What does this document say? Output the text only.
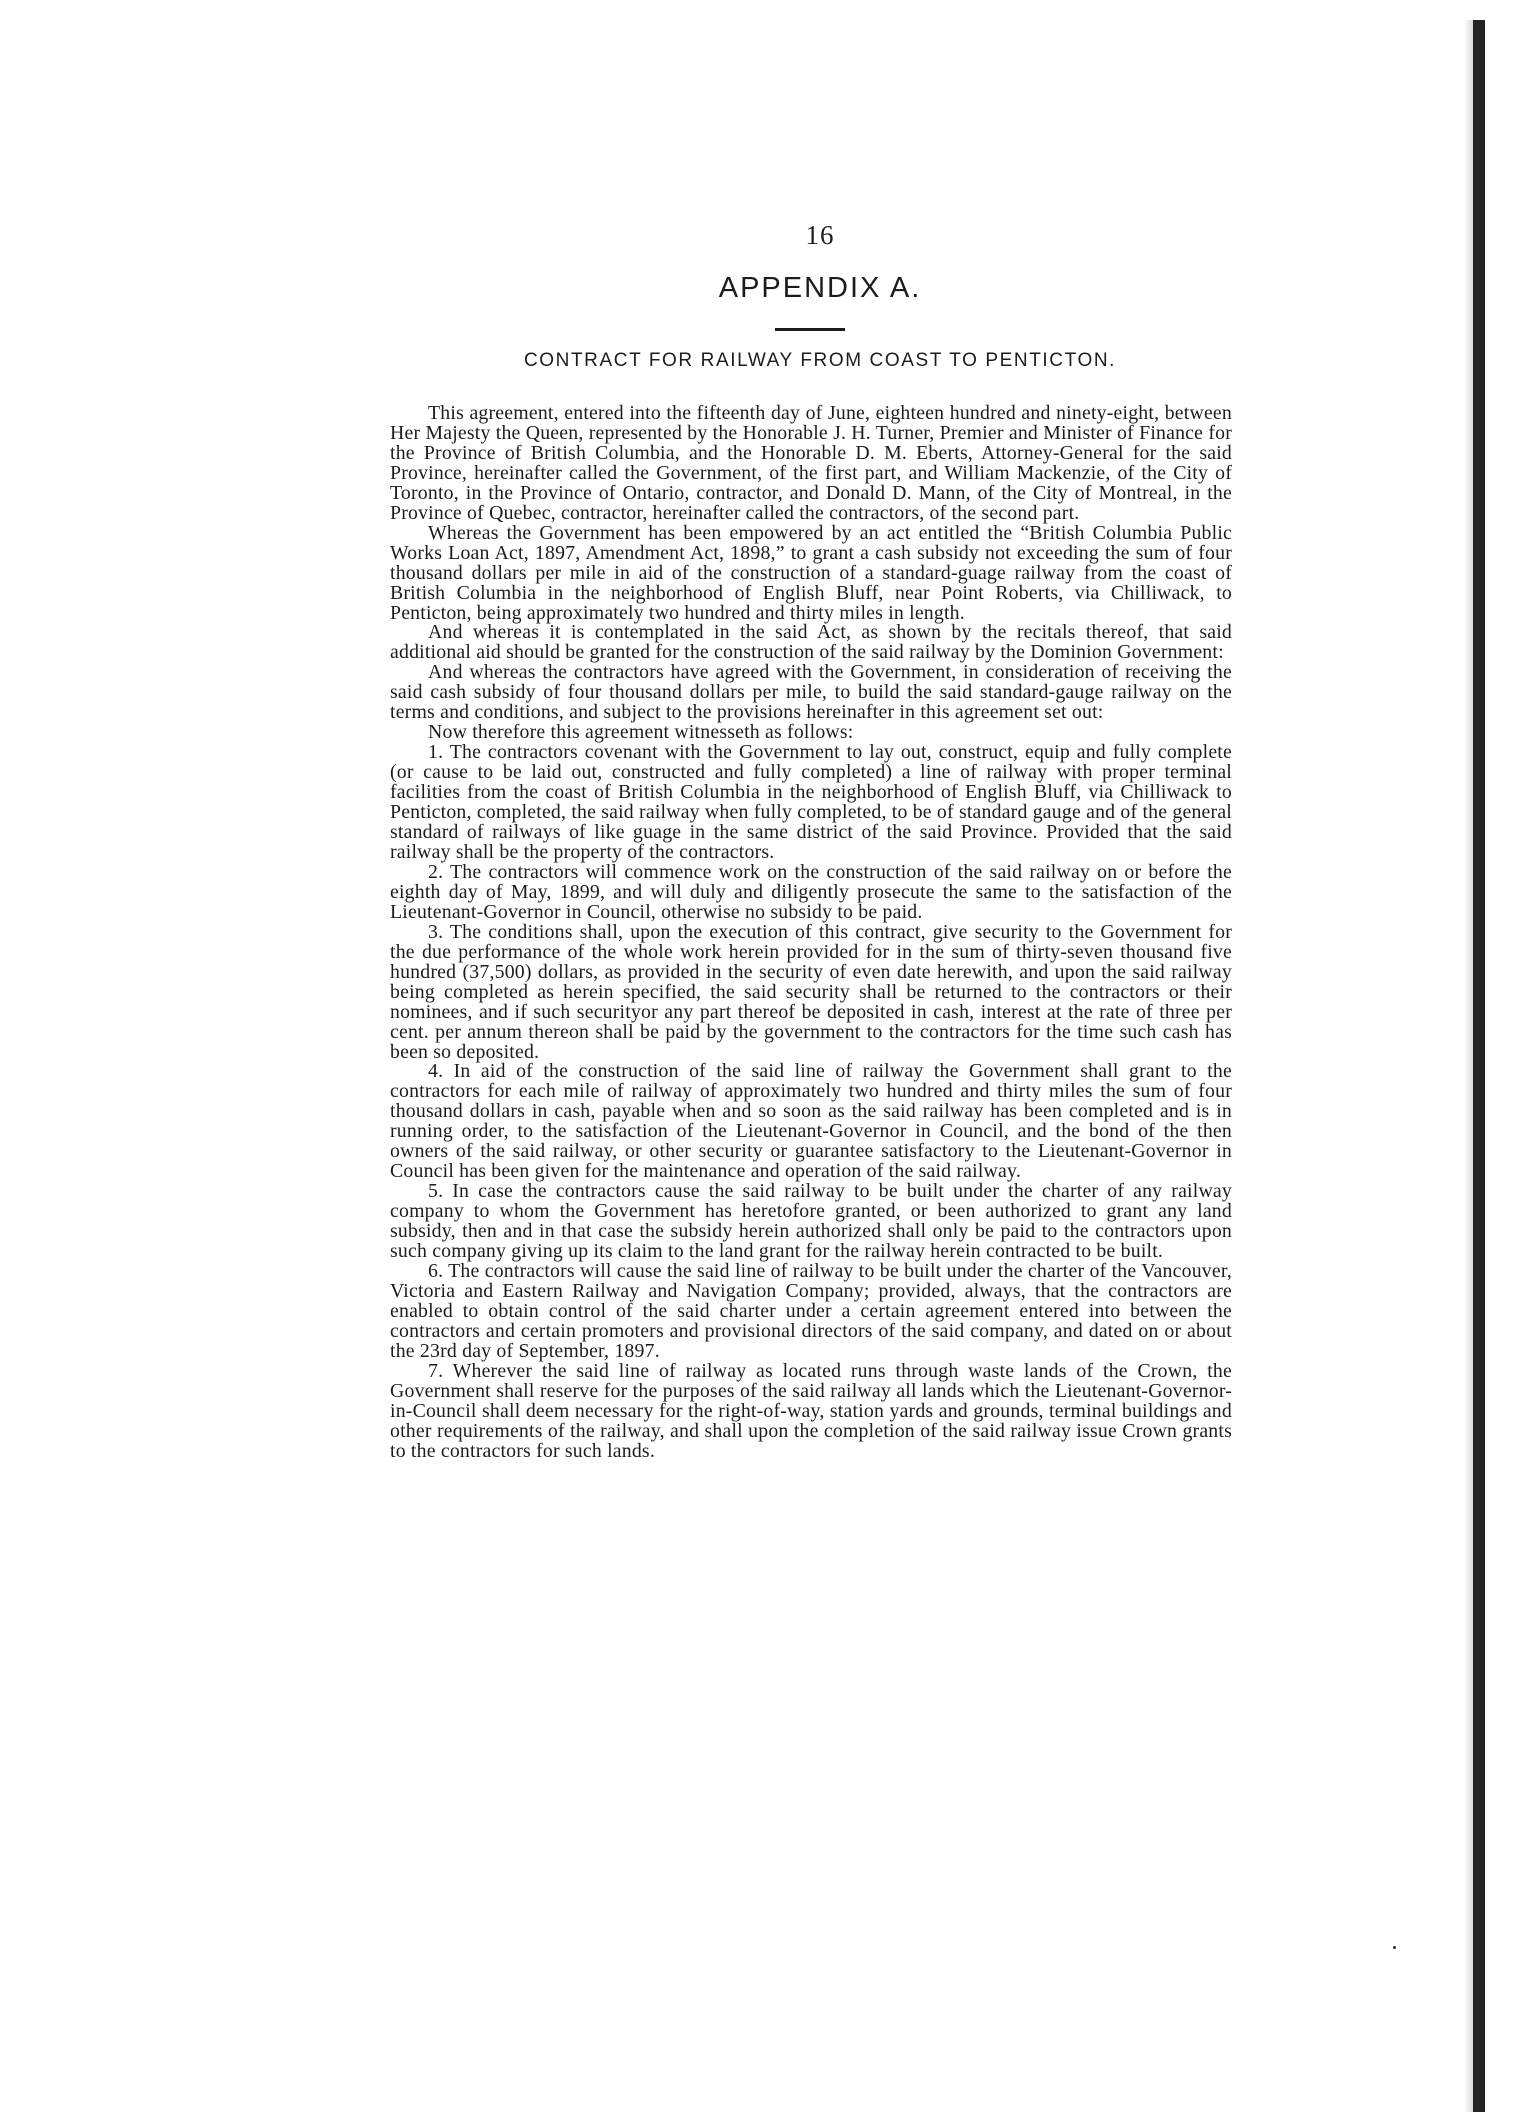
16
APPENDIX A.
CONTRACT FOR RAILWAY FROM COAST TO PENTICTON.

This agreement, entered into the fifteenth day of June, eighteen hundred and ninety-eight, between Her Majesty the Queen, represented by the Honorable J. H. Turner, Premier and Minister of Finance for the Province of British Columbia, and the Honorable D. M. Eberts, Attorney-General for the said Province, hereinafter called the Government, of the first part, and William Mackenzie, of the City of Toronto, in the Province of Ontario, contractor, and Donald D. Mann, of the City of Montreal, in the Province of Quebec, contractor, hereinafter called the contractors, of the second part.

Whereas the Government has been empowered by an act entitled the “British Columbia Public Works Loan Act, 1897, Amendment Act, 1898,” to grant a cash subsidy not exceeding the sum of four thousand dollars per mile in aid of the construction of a standard-guage railway from the coast of British Columbia in the neighborhood of English Bluff, near Point Roberts, via Chilliwack, to Penticton, being approximately two hundred and thirty miles in length.

And whereas it is contemplated in the said Act, as shown by the recitals thereof, that said additional aid should be granted for the construction of the said railway by the Dominion Government:

And whereas the contractors have agreed with the Government, in consideration of receiving the said cash subsidy of four thousand dollars per mile, to build the said standard-gauge railway on the terms and conditions, and subject to the provisions hereinafter in this agreement set out:

Now therefore this agreement witnesseth as follows:

1. The contractors covenant with the Government to lay out, construct, equip and fully complete (or cause to be laid out, constructed and fully completed) a line of railway with proper terminal facilities from the coast of British Columbia in the neighborhood of English Bluff, via Chilliwack to Penticton, completed, the said railway when fully completed, to be of standard gauge and of the general standard of railways of like guage in the same district of the said Province. Provided that the said railway shall be the property of the contractors.

2. The contractors will commence work on the construction of the said railway on or before the eighth day of May, 1899, and will duly and diligently prosecute the same to the satisfaction of the Lieutenant-Governor in Council, otherwise no subsidy to be paid.

3. The conditions shall, upon the execution of this contract, give security to the Government for the due performance of the whole work herein provided for in the sum of thirty-seven thousand five hundred (37,500) dollars, as provided in the security of even date herewith, and upon the said railway being completed as herein specified, the said security shall be returned to the contractors or their nominees, and if such securityor any part thereof be deposited in cash, interest at the rate of three per cent. per annum thereon shall be paid by the government to the contractors for the time such cash has been so deposited.

4. In aid of the construction of the said line of railway the Government shall grant to the contractors for each mile of railway of approximately two hundred and thirty miles the sum of four thousand dollars in cash, payable when and so soon as the said railway has been completed and is in running order, to the satisfaction of the Lieutenant-Governor in Council, and the bond of the then owners of the said railway, or other security or guarantee satisfactory to the Lieutenant-Governor in Council has been given for the maintenance and operation of the said railway.

5. In case the contractors cause the said railway to be built under the charter of any railway company to whom the Government has heretofore granted, or been authorized to grant any land subsidy, then and in that case the subsidy herein authorized shall only be paid to the contractors upon such company giving up its claim to the land grant for the railway herein contracted to be built.

6. The contractors will cause the said line of railway to be built under the charter of the Vancouver, Victoria and Eastern Railway and Navigation Company; provided, always, that the contractors are enabled to obtain control of the said charter under a certain agreement entered into between the contractors and certain promoters and provisional directors of the said company, and dated on or about the 23rd day of September, 1897.

7. Wherever the said line of railway as located runs through waste lands of the Crown, the Government shall reserve for the purposes of the said railway all lands which the Lieutenant-Governor-in-Council shall deem necessary for the right-of-way, station yards and grounds, terminal buildings and other requirements of the railway, and shall upon the completion of the said railway issue Crown grants to the contractors for such lands.
